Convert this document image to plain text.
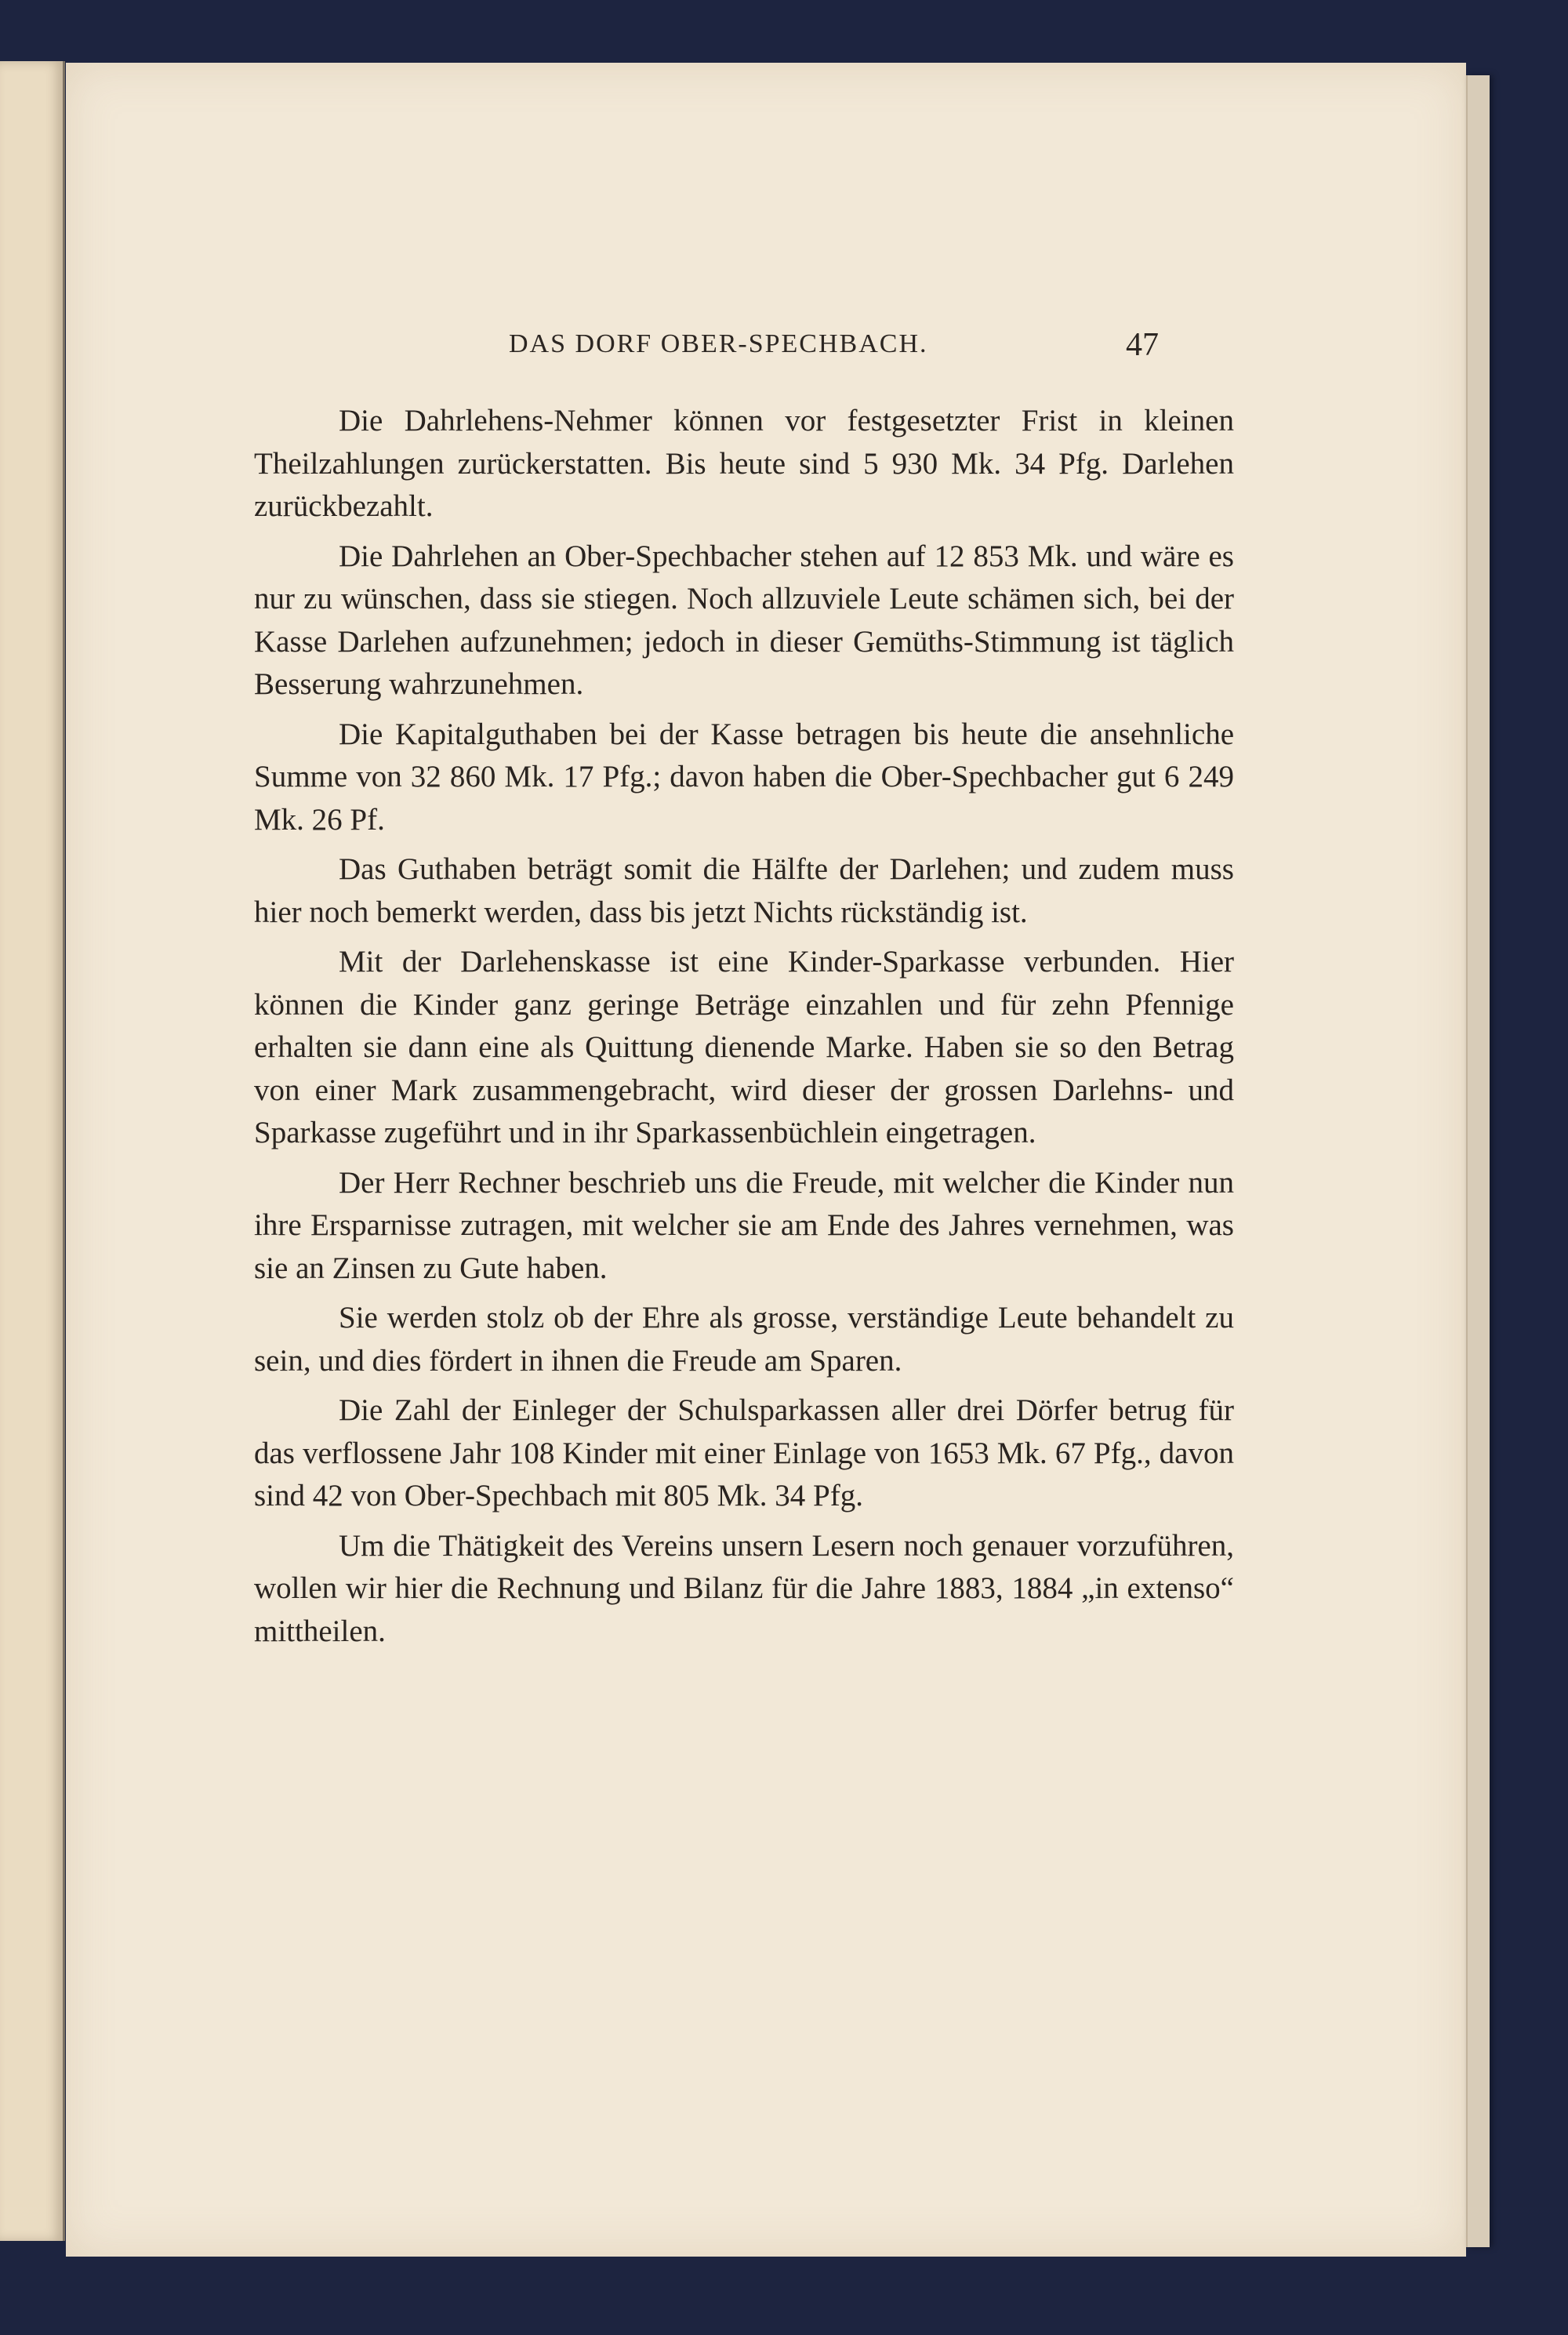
DAS DORF OBER-SPECHBACH.	47

Die Dahrlehens-Nehmer können vor festgesetzter Frist in kleinen Theilzahlungen zurückerstatten. Bis heute sind 5 930 Mk. 34 Pfg. Darlehen zurückbezahlt.

Die Dahrlehen an Ober-Spechbacher stehen auf 12 853 Mk. und wäre es nur zu wünschen, dass sie stiegen. Noch allzuviele Leute schämen sich, bei der Kasse Darlehen aufzunehmen; jedoch in dieser Gemüths-Stimmung ist täglich Besserung wahrzunehmen.

Die Kapitalguthaben bei der Kasse betragen bis heute die ansehnliche Summe von 32 860 Mk. 17 Pfg.; davon haben die Ober-Spechbacher gut 6 249 Mk. 26 Pf.

Das Guthaben beträgt somit die Hälfte der Darlehen; und zudem muss hier noch bemerkt werden, dass bis jetzt Nichts rückständig ist.

Mit der Darlehenskasse ist eine Kinder-Sparkasse verbunden. Hier können die Kinder ganz geringe Beträge einzahlen und für zehn Pfennige erhalten sie dann eine als Quittung dienende Marke. Haben sie so den Betrag von einer Mark zusammengebracht, wird dieser der grossen Darlehns- und Sparkasse zugeführt und in ihr Sparkassenbüchlein eingetragen.

Der Herr Rechner beschrieb uns die Freude, mit welcher die Kinder nun ihre Ersparnisse zutragen, mit welcher sie am Ende des Jahres vernehmen, was sie an Zinsen zu Gute haben.

Sie werden stolz ob der Ehre als grosse, verständige Leute behandelt zu sein, und dies fördert in ihnen die Freude am Sparen.

Die Zahl der Einleger der Schulsparkassen aller drei Dörfer betrug für das verflossene Jahr 108 Kinder mit einer Einlage von 1653 Mk. 67 Pfg., davon sind 42 von Ober-Spechbach mit 805 Mk. 34 Pfg.

Um die Thätigkeit des Vereins unsern Lesern noch genauer vorzuführen, wollen wir hier die Rechnung und Bilanz für die Jahre 1883, 1884 „in extenso“ mittheilen.
